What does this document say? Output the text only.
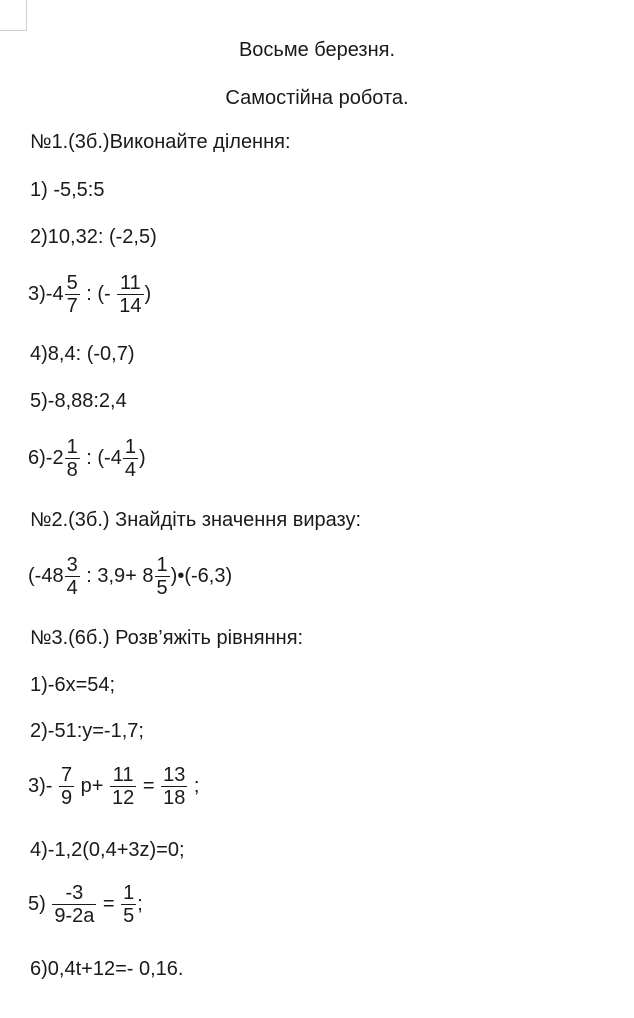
Восьме березня.
Самостійна робота.
№1.(3б.)Виконайте ділення:
1) -5,5:5
2)10,32: (-2,5)
$3)-4 \frac{5}{7}$ : (- $\frac{11}{14}$ )
4)8,4: (-0,7)
5)-8,88:2,4
$6)-2 \frac{1}{8}$ : ($-4 \frac{1}{4}$ )
№2.(3б.) Знайдіть значення виразу:
($-48 \frac{3}{4}$ : $3,9+ 8 \frac{1}{5}$ )•(-6,3)
№3.(6б.) Розв’яжіть рівняння:
1)-6x=54;
2)-51:y=-1,7;
$3)- \frac{7}{9} p+ \frac{11}{12} = \frac{13}{18}$ ;
4)-1,2(0,4+3z)=0;
$5) \frac{-3}{9-2a} = \frac{1}{5}$ ;
6)0,4t+12=- 0,16.
